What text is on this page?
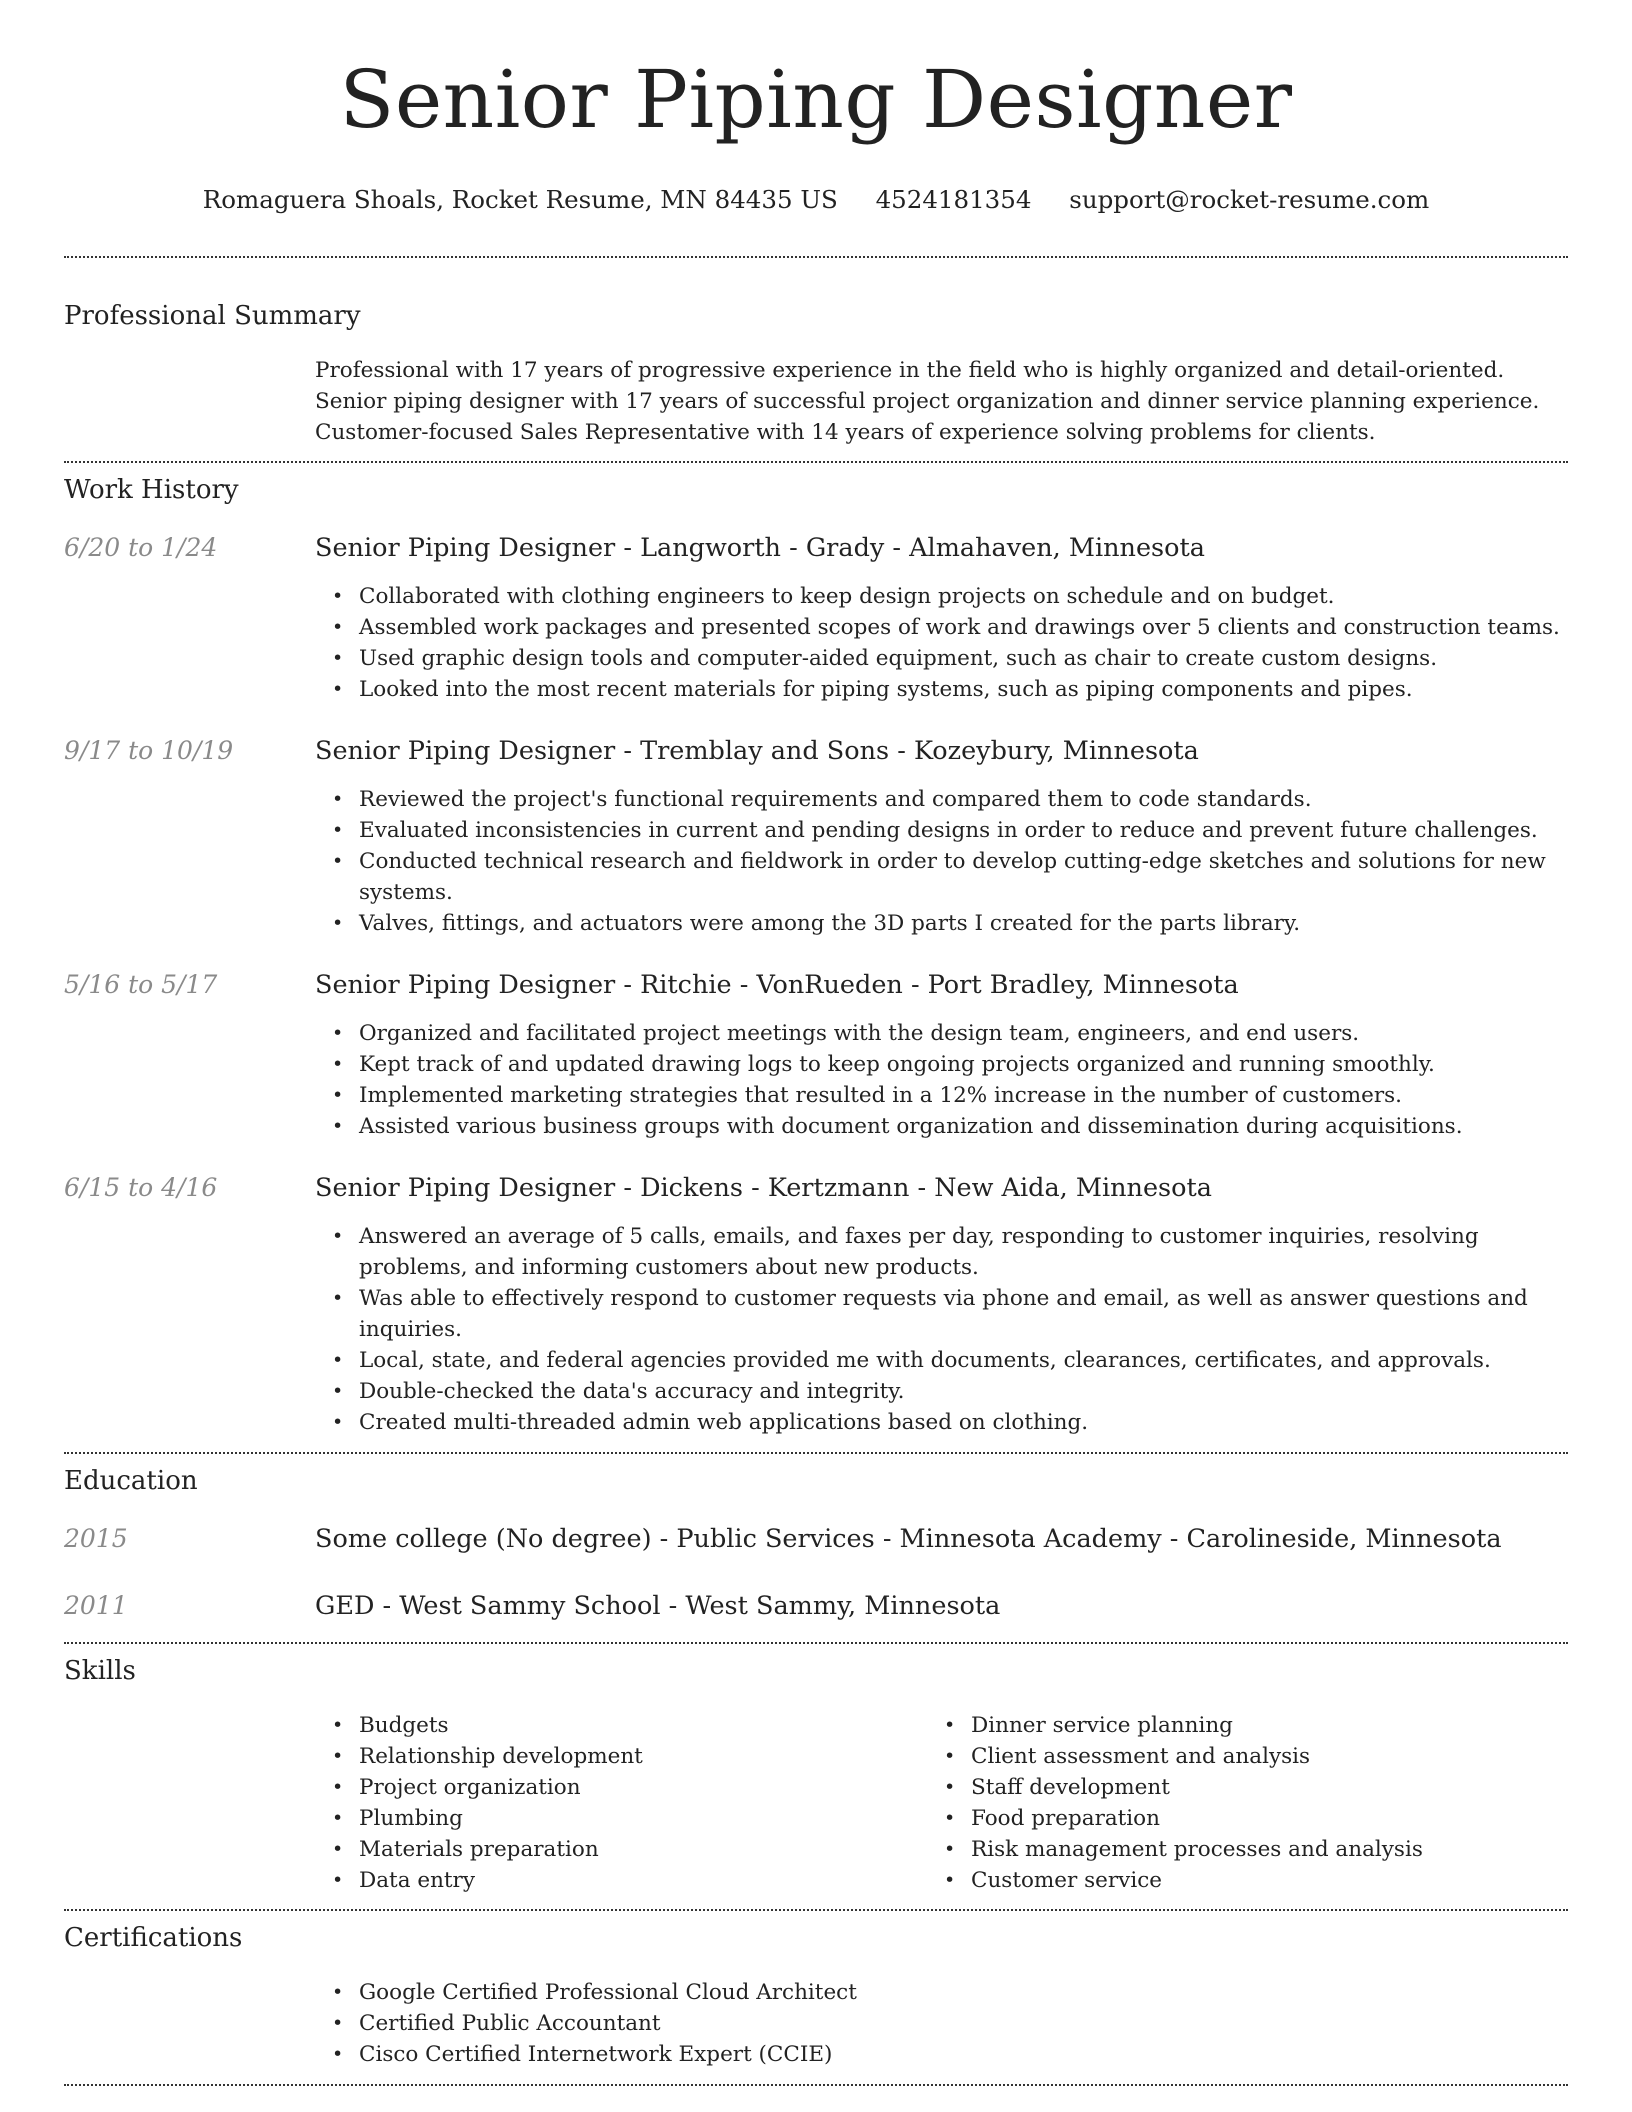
Senior Piping Designer
Romaguera Shoals, Rocket Resume, MN 84435 US 4524181354 support@rocket-resume.com
Professional Summary

Professional with 17 years of progressive experience in the field who is highly organized and detail-oriented. Senior piping designer with 17 years of successful project organization and dinner service planning experience. Customer-focused Sales Representative with 14 years of experience solving problems for clients.

Work History
6/20 to 1/24	Senior Piping Designer - Langworth - Grady - Almahaven, Minnesota
• Collaborated with clothing engineers to keep design projects on schedule and on budget.
• Assembled work packages and presented scopes of work and drawings over 5 clients and construction teams.
• Used graphic design tools and computer-aided equipment, such as chair to create custom designs.
• Looked into the most recent materials for piping systems, such as piping components and pipes.
9/17 to 10/19	Senior Piping Designer - Tremblay and Sons - Kozeybury, Minnesota
• Reviewed the project's functional requirements and compared them to code standards.
• Evaluated inconsistencies in current and pending designs in order to reduce and prevent future challenges.
• Conducted technical research and fieldwork in order to develop cutting-edge sketches and solutions for new systems.
• Valves, fittings, and actuators were among the 3D parts I created for the parts library.
5/16 to 5/17	Senior Piping Designer - Ritchie - VonRueden - Port Bradley, Minnesota
• Organized and facilitated project meetings with the design team, engineers, and end users.
• Kept track of and updated drawing logs to keep ongoing projects organized and running smoothly.
• Implemented marketing strategies that resulted in a 12% increase in the number of customers.
• Assisted various business groups with document organization and dissemination during acquisitions.
6/15 to 4/16	Senior Piping Designer - Dickens - Kertzmann - New Aida, Minnesota
• Answered an average of 5 calls, emails, and faxes per day, responding to customer inquiries, resolving problems, and informing customers about new products.
• Was able to effectively respond to customer requests via phone and email, as well as answer questions and inquiries.
• Local, state, and federal agencies provided me with documents, clearances, certificates, and approvals.
• Double-checked the data's accuracy and integrity.
• Created multi-threaded admin web applications based on clothing.
Education
2015	Some college (No degree) - Public Services - Minnesota Academy - Carolineside, Minnesota
2011	GED - West Sammy School - West Sammy, Minnesota
Skills
• Budgets
• Relationship development
• Project organization
• Plumbing
• Materials preparation
• Data entry
• Dinner service planning
• Client assessment and analysis
• Staff development
• Food preparation
• Risk management processes and analysis
• Customer service
Certifications
• Google Certified Professional Cloud Architect
• Certified Public Accountant
• Cisco Certified Internetwork Expert (CCIE)
